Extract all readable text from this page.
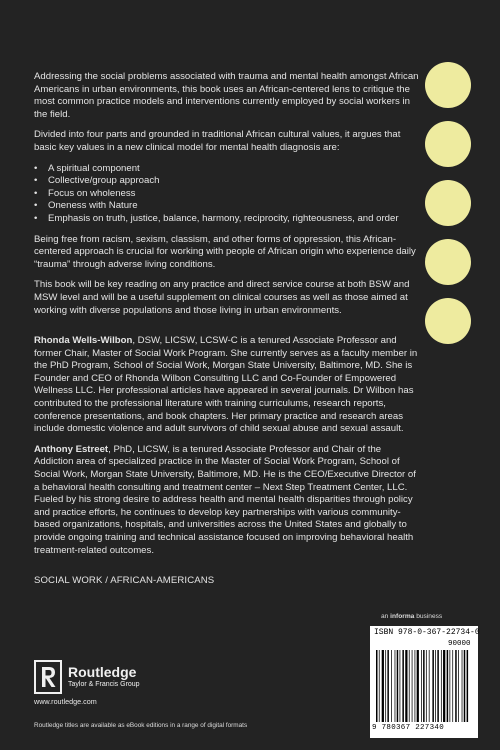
Addressing the social problems associated with trauma and mental health amongst African Americans in urban environments, this book uses an African-centered lens to critique the most common practice models and interventions currently employed by social workers in the field.

Divided into four parts and grounded in traditional African cultural values, it argues that basic key values in a new clinical model for mental health diagnosis are:

• A spiritual component
• Collective/group approach
• Focus on wholeness
• Oneness with Nature
• Emphasis on truth, justice, balance, harmony, reciprocity, righteousness, and order

Being free from racism, sexism, classism, and other forms of oppression, this African-centered approach is crucial for working with people of African origin who experience daily “trauma” through adverse living conditions.

This book will be key reading on any practice and direct service course at both BSW and MSW level and will be a useful supplement on clinical courses as well as those aimed at working with diverse populations and those living in urban environments.

Rhonda Wells-Wilbon, DSW, LICSW, LCSW-C is a tenured Associate Professor and former Chair, Master of Social Work Program. She currently serves as a faculty member in the PhD Program, School of Social Work, Morgan State University, Baltimore, MD. She is Founder and CEO of Rhonda Wilbon Consulting LLC and Co-Founder of Empowered Wellness LLC. Her professional articles have appeared in several journals. Dr Wilbon has contributed to the professional literature with training curriculums, research reports, conference presentations, and book chapters. Her primary practice and research areas include domestic violence and adult survivors of child sexual abuse and sexual assault.

Anthony Estreet, PhD, LICSW, is a tenured Associate Professor and Chair of the Addiction area of specialized practice in the Master of Social Work Program, School of Social Work, Morgan State University, Baltimore, MD. He is the CEO/Executive Director of a behavioral health consulting and treatment center – Next Step Treatment Center, LLC. Fueled by his strong desire to address health and mental health disparities through policy and practice efforts, he continues to develop key partnerships with various community-based organizations, hospitals, and universities across the United States and globally to provide ongoing training and technical assistance focused on improving behavioral health treatment-related outcomes.

SOCIAL WORK / AFRICAN-AMERICANS

an informa business
Routledge
Taylor & Francis Group
www.routledge.com
Routledge titles are available as eBook editions in a range of digital formats
ISBN 978-0-367-22734-0
90000
9 780367 227340
